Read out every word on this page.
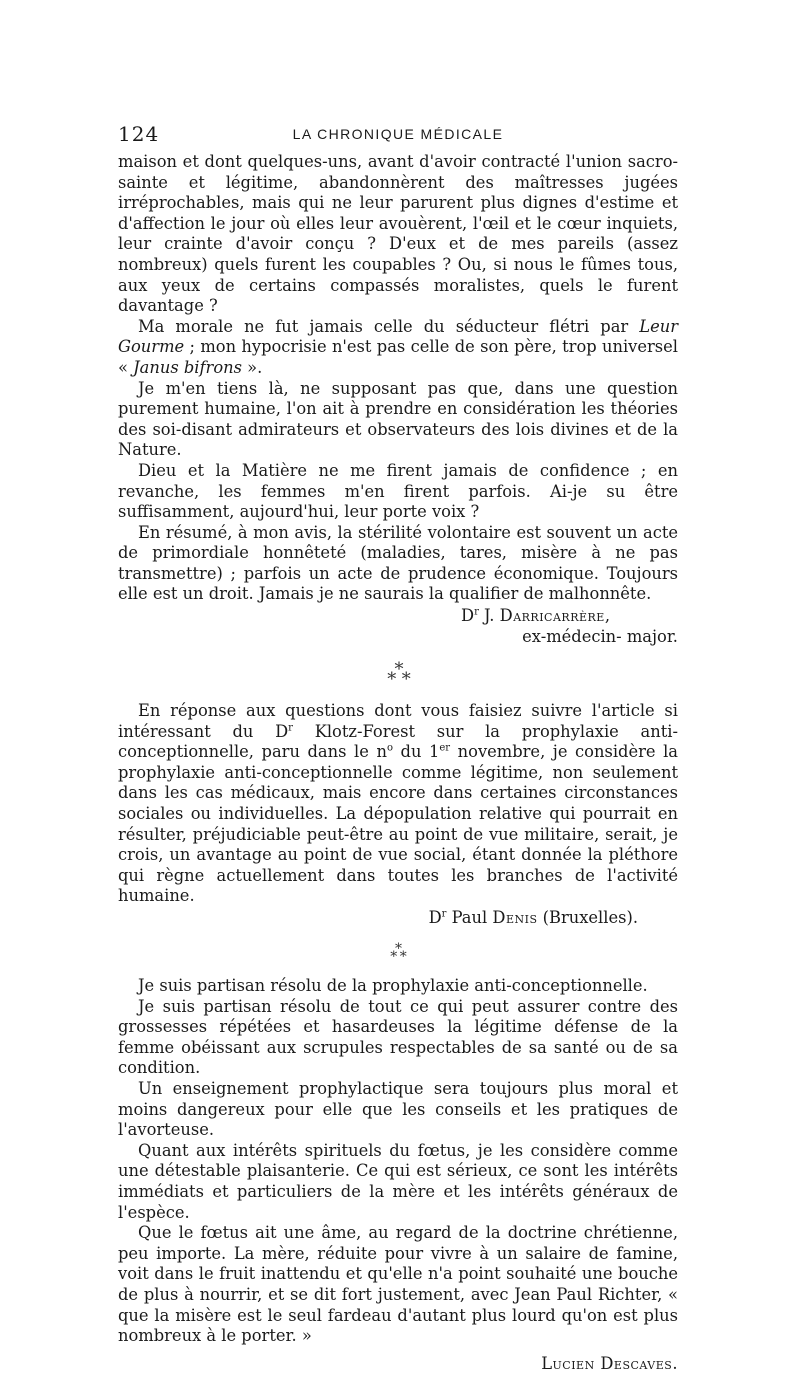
124	LA CHRONIQUE MÉDICALE

maison et dont quelques-uns, avant d'avoir contracté l'union sacro-sainte et légitime, abandonnèrent des maîtresses jugées irréprochables, mais qui ne leur parurent plus dignes d'estime et d'affection le jour où elles leur avouèrent, l'œil et le cœur inquiets, leur crainte d'avoir conçu ? D'eux et de mes pareils (assez nombreux) quels furent les coupables ? Ou, si nous le fûmes tous, aux yeux de certains compassés moralistes, quels le furent davantage ?

Ma morale ne fut jamais celle du séducteur flétri par Leur Gourme ; mon hypocrisie n'est pas celle de son père, trop universel « Janus bifrons ».

Je m'en tiens là, ne supposant pas que, dans une question purement humaine, l'on ait à prendre en considération les théories des soi-disant admirateurs et observateurs des lois divines et de la Nature.

Dieu et la Matière ne me firent jamais de confidence ; en revanche, les femmes m'en firent parfois. Ai-je su être suffisamment, aujourd'hui, leur porte voix ?

En résumé, à mon avis, la stérilité volontaire est souvent un acte de primordiale honnêteté (maladies, tares, misère à ne pas transmettre) ; parfois un acte de prudence économique. Toujours elle est un droit. Jamais je ne saurais la qualifier de malhonnête.

$D^r$ J. Darricarrère,
ex-médecin- major.
*
* *

En réponse aux questions dont vous faisiez suivre l'article si intéressant du $D^r$ Klotz-Forest sur la prophylaxie anti-conceptionnelle, paru dans le $n^o$ du 1er novembre, je considère la prophylaxie anti-conceptionnelle comme légitime, non seulement dans les cas médicaux, mais encore dans certaines circonstances sociales ou individuelles. La dépopulation relative qui pourrait en résulter, préjudiciable peut-être au point de vue militaire, serait, je crois, un avantage au point de vue social, étant donnée la pléthore qui règne actuellement dans toutes les branches de l'activité humaine.

$D^r$ Paul Denis (Bruxelles).
*
* *

Je suis partisan résolu de la prophylaxie anti-conceptionnelle.

Je suis partisan résolu de tout ce qui peut assurer contre des grossesses répétées et hasardeuses la légitime défense de la femme obéissant aux scrupules respectables de sa santé ou de sa condition.

Un enseignement prophylactique sera toujours plus moral et moins dangereux pour elle que les conseils et les pratiques de l'avorteuse.

Quant aux intérêts spirituels du fœtus, je les considère comme une détestable plaisanterie. Ce qui est sérieux, ce sont les intérêts immédiats et particuliers de la mère et les intérêts généraux de l'espèce.

Que le fœtus ait une âme, au regard de la doctrine chrétienne, peu importe. La mère, réduite pour vivre à un salaire de famine, voit dans le fruit inattendu et qu'elle n'a point souhaité une bouche de plus à nourrir, et se dit fort justement, avec Jean Paul Richter, « que la misère est le seul fardeau d'autant plus lourd qu'on est plus nombreux à le porter. »

Lucien Descaves.
